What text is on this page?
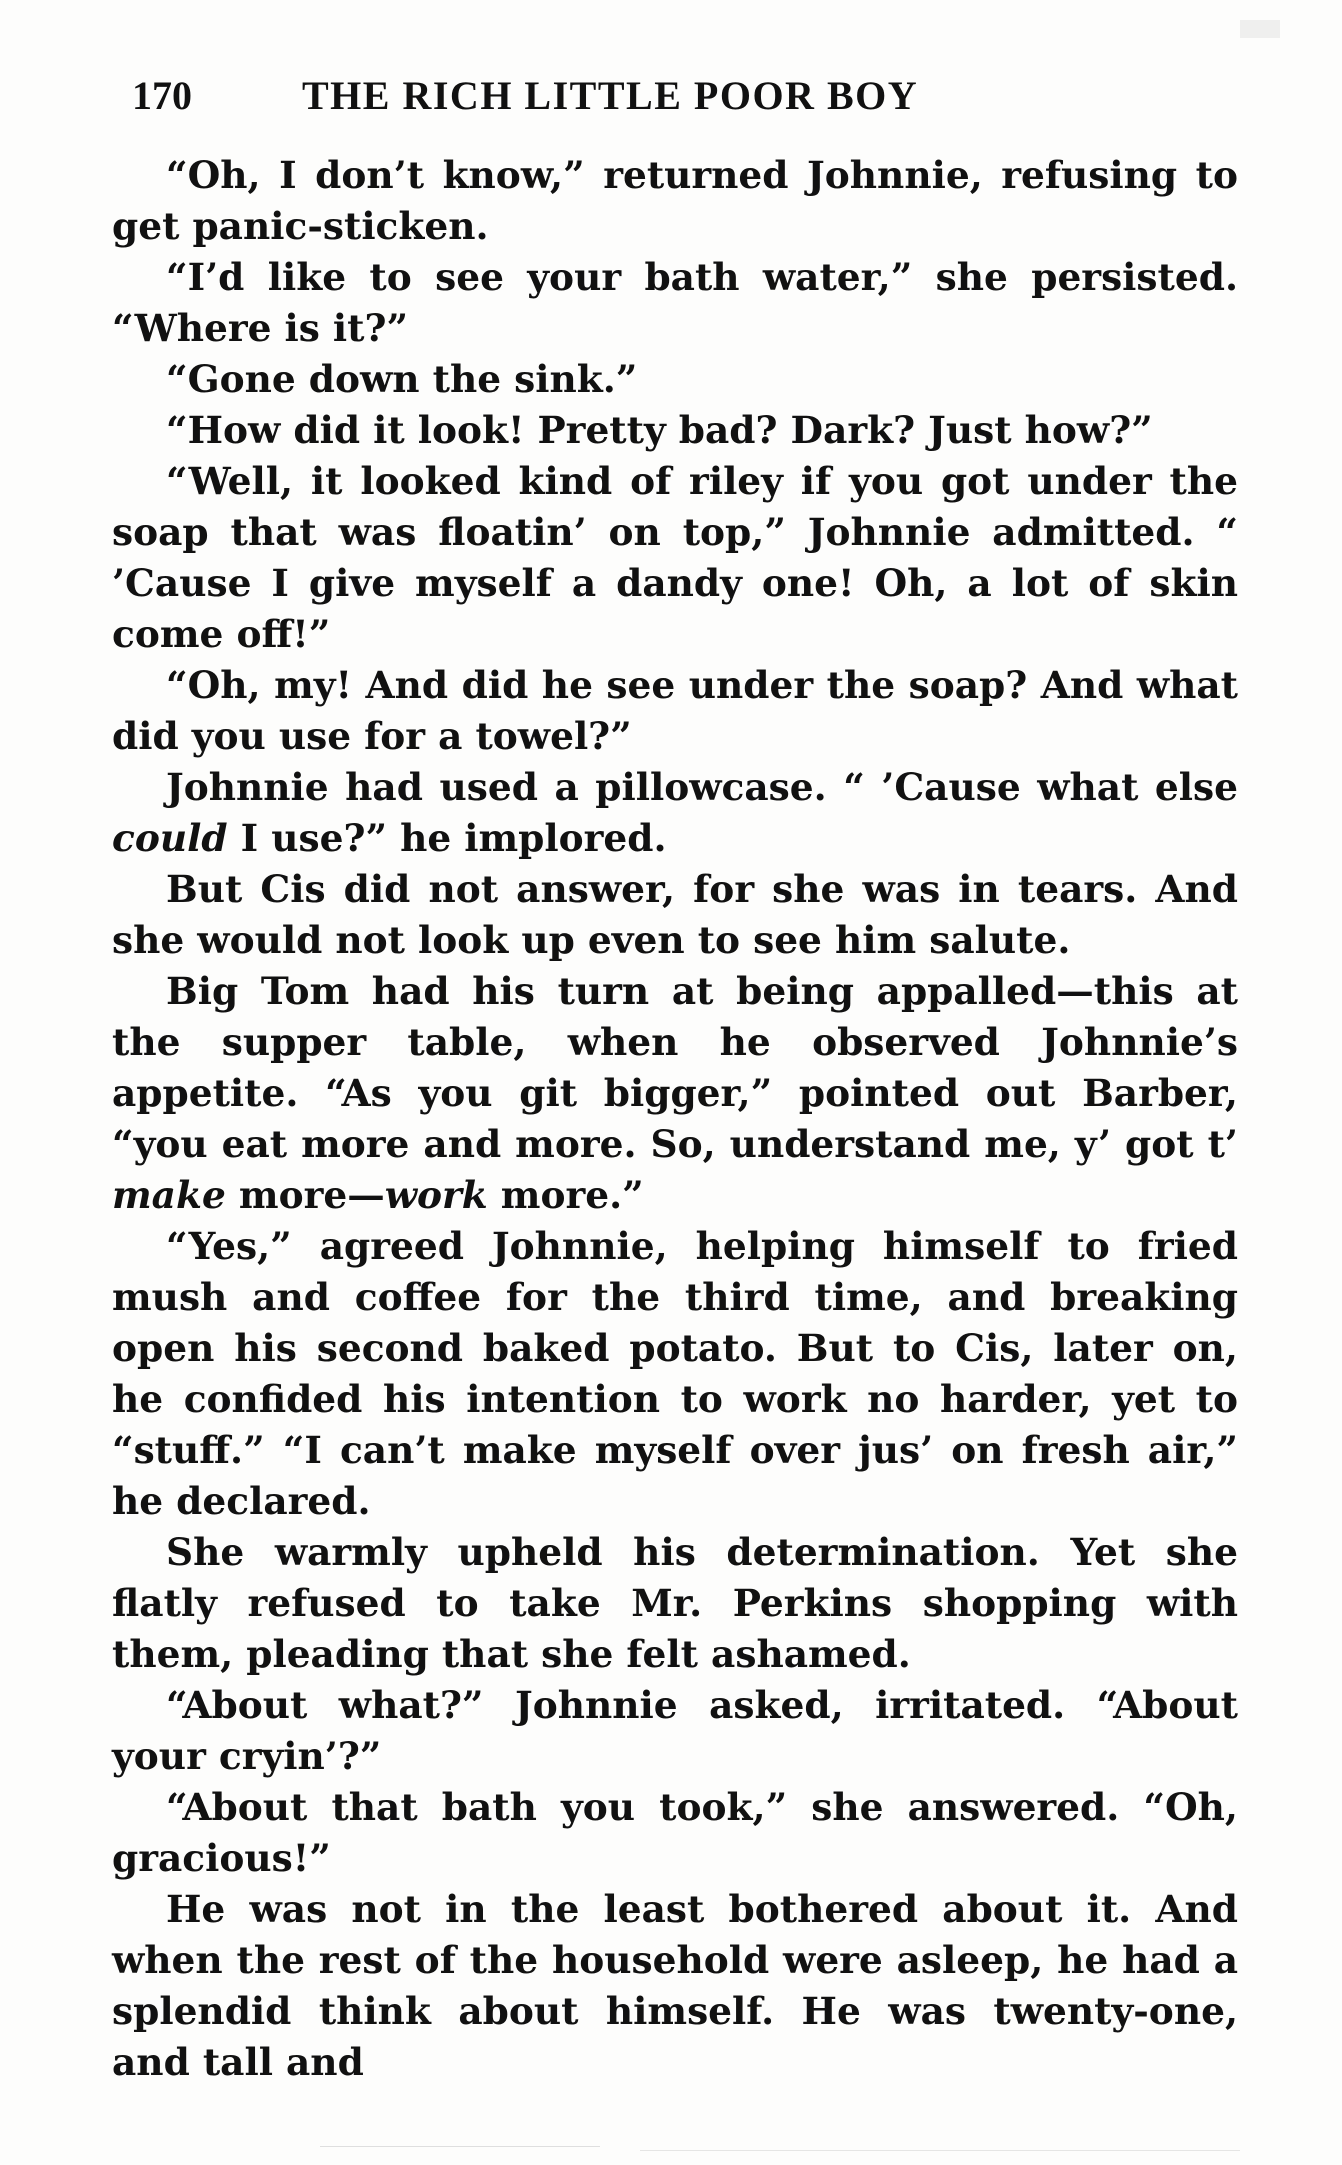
170	THE RICH LITTLE POOR BOY

“Oh, I don’t know,” returned Johnnie, refusing to get panic-sticken.

“I’d like to see your bath water,” she persisted. “Where is it?”

“Gone down the sink.”

“How did it look! Pretty bad? Dark? Just how?”

“Well, it looked kind of riley if you got under the soap that was floatin’ on top,” Johnnie admitted. “ ’Cause I give myself a dandy one! Oh, a lot of skin come off!”

“Oh, my! And did he see under the soap? And what did you use for a towel?”

Johnnie had used a pillowcase. “ ’Cause what else could I use?” he implored.

But Cis did not answer, for she was in tears. And she would not look up even to see him salute.

Big Tom had his turn at being appalled—this at the supper table, when he observed Johnnie’s appetite. “As you git bigger,” pointed out Barber, “you eat more and more. So, understand me, y’ got t’ make more—work more.”

“Yes,” agreed Johnnie, helping himself to fried mush and coffee for the third time, and breaking open his second baked potato. But to Cis, later on, he confided his intention to work no harder, yet to “stuff.” “I can’t make myself over jus’ on fresh air,” he declared.

She warmly upheld his determination. Yet she flatly refused to take Mr. Perkins shopping with them, pleading that she felt ashamed.

“About what?” Johnnie asked, irritated. “About your cryin’?”

“About that bath you took,” she answered. “Oh, gracious!”

He was not in the least bothered about it. And when the rest of the household were asleep, he had a splendid think about himself. He was twenty-one, and tall and
